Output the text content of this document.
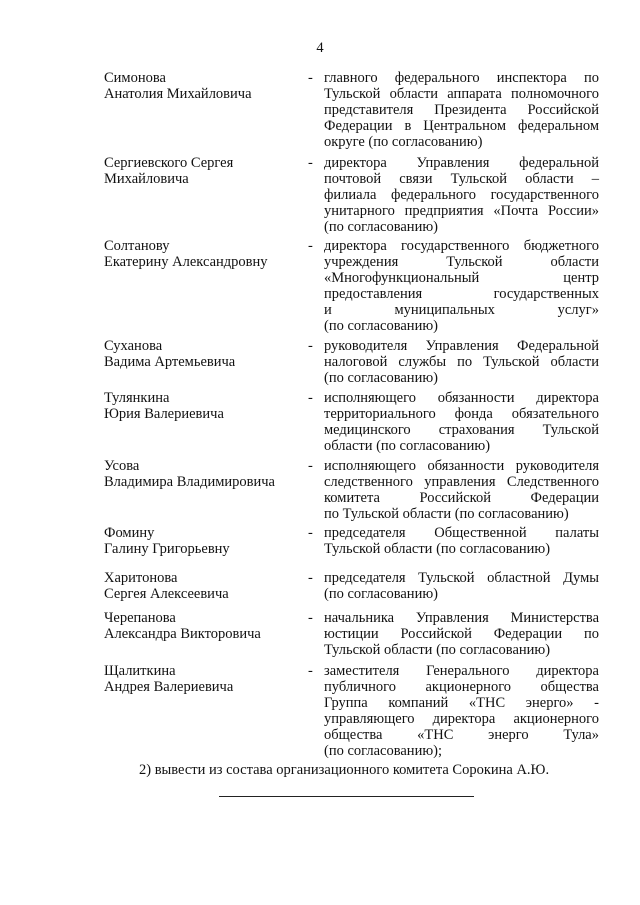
4
Симонова
Анатолия Михайловича
- главного федерального инспектора по
Тульской области аппарата полномочного
представителя Президента Российской
Федерации в Центральном федеральном
округе (по согласованию)
Сергиевского Сергея
Михайловича
- директора Управления федеральной
почтовой связи Тульской области –
филиала федерального государственного
унитарного предприятия «Почта России»
(по согласованию)
Солтанову
Екатерину Александровну
- директора государственного бюджетного
учреждения Тульской области
«Многофункциональный центр
предоставления государственных
и муниципальных услуг»
(по согласованию)
Суханова
Вадима Артемьевича
- руководителя Управления Федеральной
налоговой службы по Тульской области
(по согласованию)
Тулянкина
Юрия Валериевича
- исполняющего обязанности директора
территориального фонда обязательного
медицинского страхования Тульской
области (по согласованию)
Усова
Владимира Владимировича
- исполняющего обязанности руководителя
следственного управления Следственного
комитета Российской Федерации
по Тульской области (по согласованию)
Фомину
Галину Григорьевну
- председателя Общественной палаты
Тульской области (по согласованию)
Харитонова
Сергея Алексеевича
- председателя Тульской областной Думы
(по согласованию)
Черепанова
Александра Викторовича
- начальника Управления Министерства
юстиции Российской Федерации по
Тульской области (по согласованию)
Щалиткина
Андрея Валериевича
- заместителя Генерального директора
публичного акционерного общества
Группа компаний «ТНС энерго» -
управляющего директора акционерного
общества «ТНС энерго Тула»
(по согласованию);
2) вывести из состава организационного комитета Сорокина А.Ю.
